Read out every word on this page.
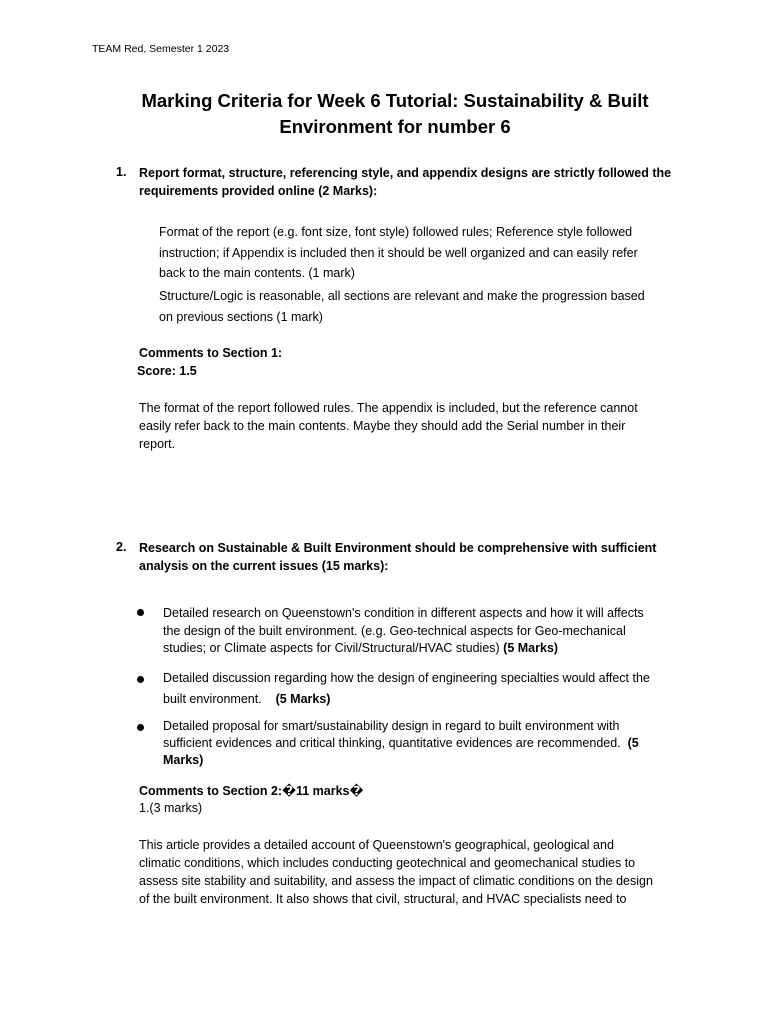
TEAM Red, Semester 1 2023
Marking Criteria for Week 6 Tutorial: Sustainability & Built
Environment for number 6
1. Report format, structure, referencing style, and appendix designs are strictly followed the
requirements provided online (2 Marks):
Format of the report (e.g. font size, font style) followed rules; Reference style followed
instruction; if Appendix is included then it should be well organized and can easily refer
back to the main contents. (1 mark)
Structure/Logic is reasonable, all sections are relevant and make the progression based
on previous sections (1 mark)
Comments to Section 1:
Score: 1.5
The format of the report followed rules. The appendix is included, but the reference cannot
easily refer back to the main contents. Maybe they should add the Serial number in their
report.
2. Research on Sustainable & Built Environment should be comprehensive with sufficient
analysis on the current issues (15 marks):
Detailed research on Queenstown's condition in different aspects and how it will affects
the design of the built environment. (e.g. Geo-technical aspects for Geo-mechanical
studies; or Climate aspects for Civil/Structural/HVAC studies) (5 Marks)
Detailed discussion regarding how the design of engineering specialties would affect the
built environment. (5 Marks)
Detailed proposal for smart/sustainability design in regard to built environment with
sufficient evidences and critical thinking, quantitative evidences are recommended. (5
Marks)
Comments to Section 2:�11 marks�
1.(3 marks)
This article provides a detailed account of Queenstown's geographical, geological and
climatic conditions, which includes conducting geotechnical and geomechanical studies to
assess site stability and suitability, and assess the impact of climatic conditions on the design
of the built environment. It also shows that civil, structural, and HVAC specialists need to
